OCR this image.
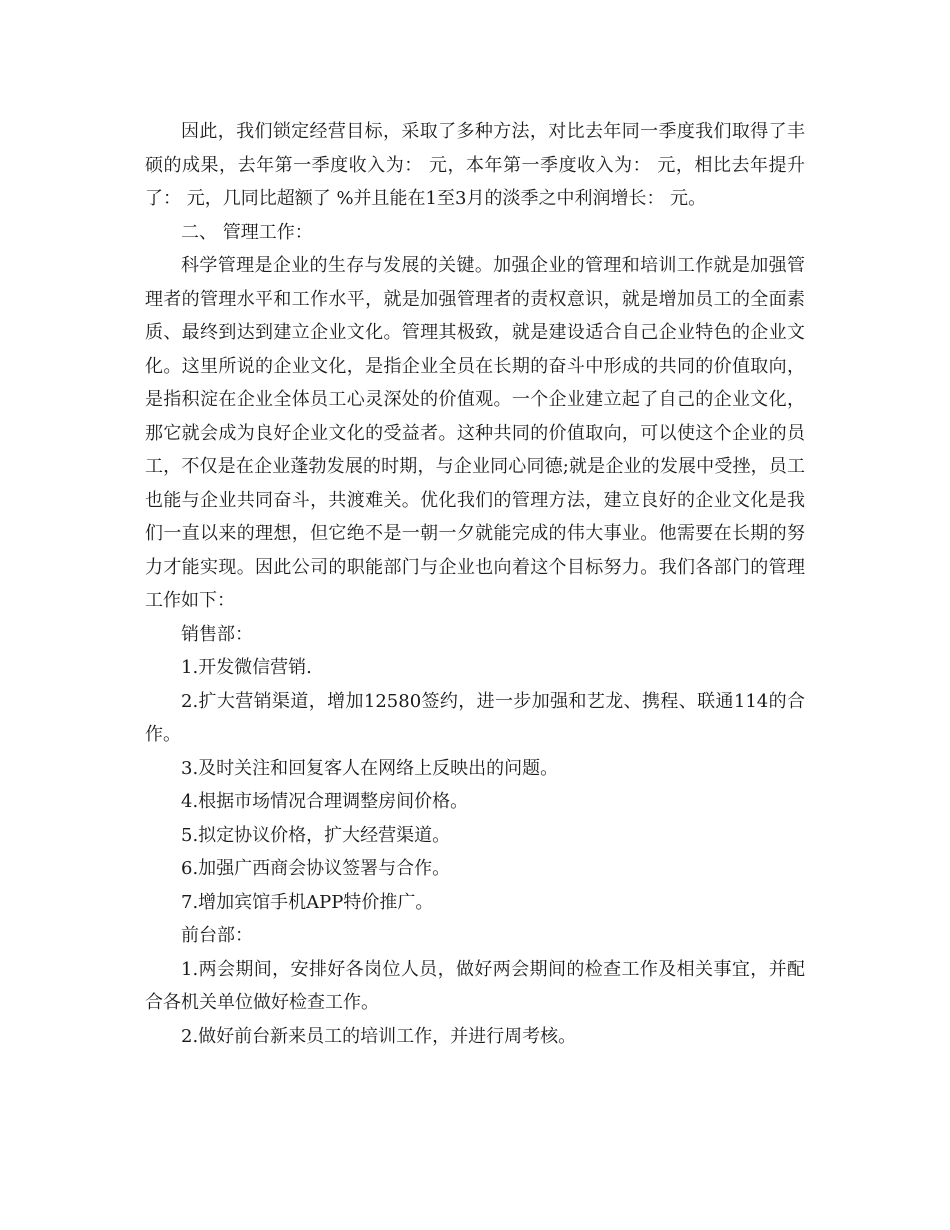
因此，我们锁定经营目标，采取了多种方法，对比去年同一季度我们取得了丰硕的成果，去年第一季度收入为： 元，本年第一季度收入为： 元，相比去年提升了： 元，几同比超额了 %并且能在1至3月的淡季之中利润增长： 元。

二、 管理工作：

科学管理是企业的生存与发展的关键。加强企业的管理和培训工作就是加强管理者的管理水平和工作水平，就是加强管理者的责权意识，就是增加员工的全面素质、最终到达到建立企业文化。管理其极致，就是建设适合自己企业特色的企业文化。这里所说的企业文化，是指企业全员在长期的奋斗中形成的共同的价值取向，是指积淀在企业全体员工心灵深处的价值观。一个企业建立起了自己的企业文化，那它就会成为良好企业文化的受益者。这种共同的价值取向，可以使这个企业的员工，不仅是在企业蓬勃发展的时期，与企业同心同德;就是企业的发展中受挫，员工也能与企业共同奋斗，共渡难关。优化我们的管理方法，建立良好的企业文化是我们一直以来的理想，但它绝不是一朝一夕就能完成的伟大事业。他需要在长期的努力才能实现。因此公司的职能部门与企业也向着这个目标努力。我们各部门的管理工作如下：

销售部：

1.开发微信营销.

2.扩大营销渠道，增加12580签约，进一步加强和艺龙、携程、联通114的合作。

3.及时关注和回复客人在网络上反映出的问题。

4.根据市场情况合理调整房间价格。

5.拟定协议价格，扩大经营渠道。

6.加强广西商会协议签署与合作。

7.增加宾馆手机APP特价推广。

前台部：

1.两会期间，安排好各岗位人员，做好两会期间的检查工作及相关事宜，并配合各机关单位做好检查工作。

2.做好前台新来员工的培训工作，并进行周考核。
